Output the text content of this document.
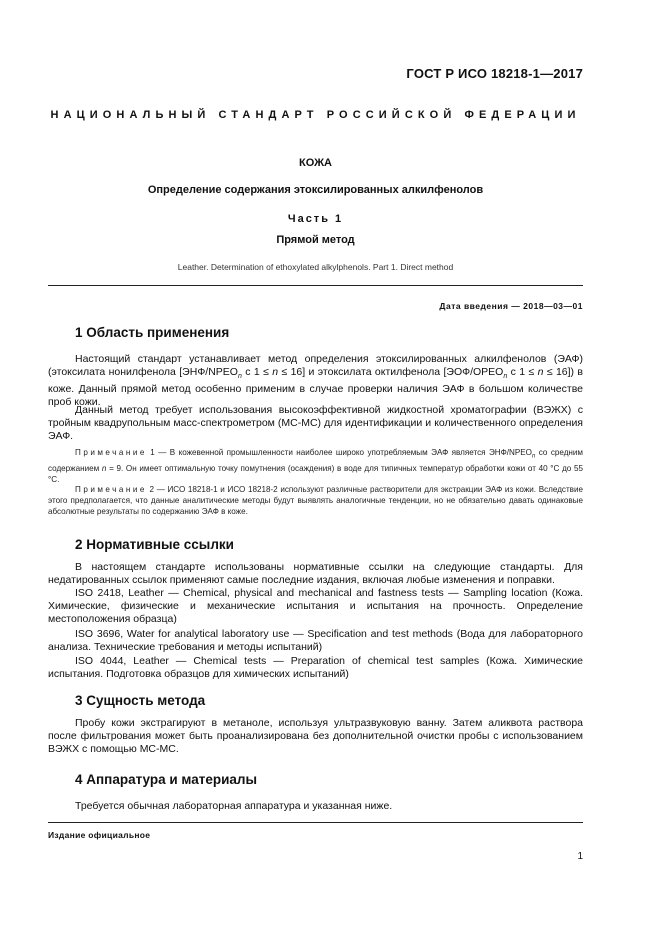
ГОСТ Р ИСО 18218-1—2017
НАЦИОНАЛЬНЫЙ СТАНДАРТ РОССИЙСКОЙ ФЕДЕРАЦИИ
КОЖА
Определение содержания этоксилированных алкилфенолов
Часть 1
Прямой метод
Leather. Determination of ethoxylated alkylphenols. Part 1. Direct method
Дата введения — 2018—03—01
1 Область применения
Настоящий стандарт устанавливает метод определения этоксилированных алкилфенолов (ЭАФ) (этоксилата нонилфенола [$ЭНФ/NPEO_n$ с 1 ≤ n ≤ 16] и этоксилата октилфенола [$ЭОФ/OPEO_n$ с 1 ≤ n ≤ 16]) в коже. Данный прямой метод особенно применим в случае проверки наличия ЭАФ в большом количестве проб кожи.
Данный метод требует использования высокоэффективной жидкостной хроматографии (ВЭЖХ) с тройным квадрупольным масс-спектрометром (МС-МС) для идентификации и количественного определения ЭАФ.
Примечание 1 — В кожевенной промышленности наиболее широко употребляемым ЭАФ является ЭНФ/$NPEO_n$ со средним содержанием n = 9. Он имеет оптимальную точку помутнения (осаждения) в воде для типичных температур обработки кожи от 40 °С до 55 °С.
Примечание 2 — ИСО 18218-1 и ИСО 18218-2 используют различные растворители для экстракции ЭАФ из кожи. Вследствие этого предполагается, что данные аналитические методы будут выявлять аналогичные тенденции, но не обязательно давать одинаковые абсолютные результаты по содержанию ЭАФ в коже.
2 Нормативные ссылки
В настоящем стандарте использованы нормативные ссылки на следующие стандарты. Для недатированных ссылок применяют самые последние издания, включая любые изменения и поправки.
ISO 2418, Leather — Chemical, physical and mechanical and fastness tests — Sampling location (Кожа. Химические, физические и механические испытания и испытания на прочность. Определение местоположения образца)
ISO 3696, Water for analytical laboratory use — Specification and test methods (Вода для лабораторного анализа. Технические требования и методы испытаний)
ISO 4044, Leather — Chemical tests — Preparation of chemical test samples (Кожа. Химические испытания. Подготовка образцов для химических испытаний)
3 Сущность метода
Пробу кожи экстрагируют в метаноле, используя ультразвуковую ванну. Затем аликвота раствора после фильтрования может быть проанализирована без дополнительной очистки пробы с использованием ВЭЖХ с помощью МС-МС.
4 Аппаратура и материалы
Требуется обычная лабораторная аппаратура и указанная ниже.
Издание официальное
1
